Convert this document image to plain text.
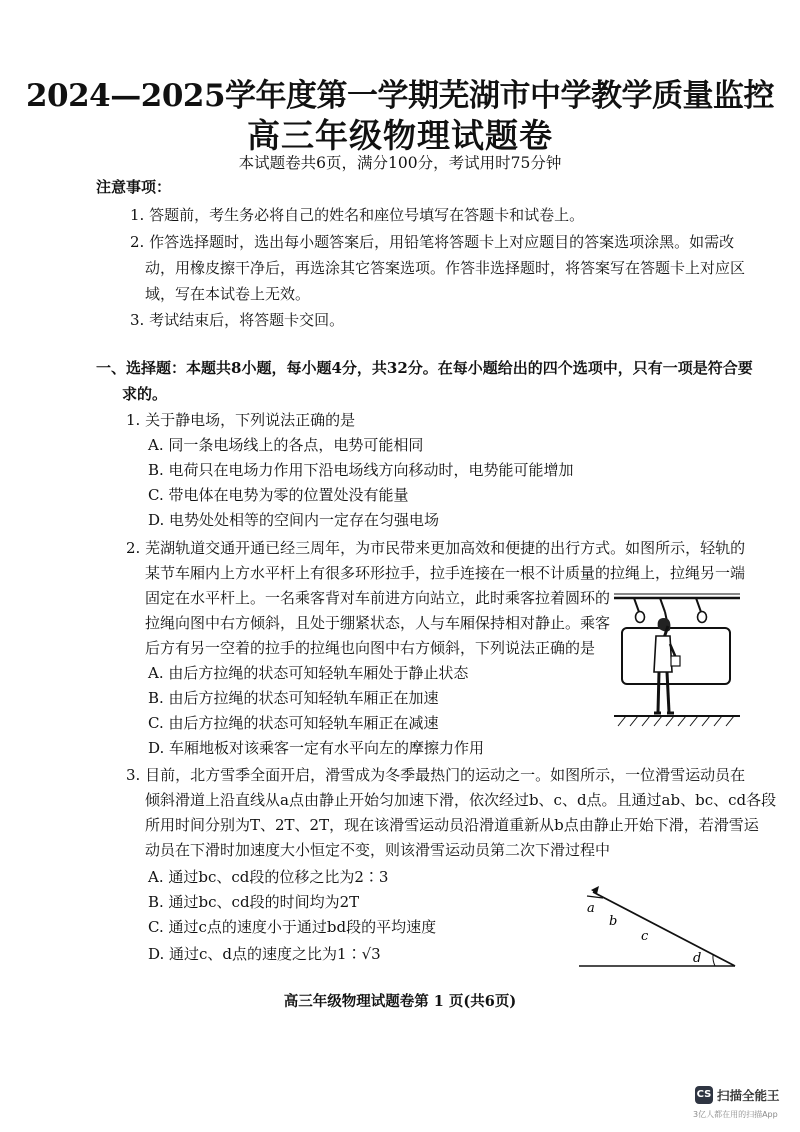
2024—2025学年度第一学期芜湖市中学教学质量监控
高三年级物理试题卷
本试题卷共6页，满分100分，考试用时75分钟
注意事项：
1. 答题前，考生务必将自己的姓名和座位号填写在答题卡和试卷上。
2. 作答选择题时，选出每小题答案后，用铅笔将答题卡上对应题目的答案选项涂黑。如需改
动，用橡皮擦干净后，再选涂其它答案选项。作答非选择题时，将答案写在答题卡上对应区
域，写在本试卷上无效。
3. 考试结束后，将答题卡交回。
一、选择题：本题共8小题，每小题4分，共32分。在每小题给出的四个选项中，只有一项是符合要
求的。
1. 关于静电场，下列说法正确的是
A. 同一条电场线上的各点，电势可能相同
B. 电荷只在电场力作用下沿电场线方向移动时，电势能可能增加
C. 带电体在电势为零的位置处没有能量
D. 电势处处相等的空间内一定存在匀强电场
2. 芜湖轨道交通开通已经三周年，为市民带来更加高效和便捷的出行方式。如图所示，轻轨的
某节车厢内上方水平杆上有很多环形拉手，拉手连接在一根不计质量的拉绳上，拉绳另一端
固定在水平杆上。一名乘客背对车前进方向站立，此时乘客拉着圆环的
拉绳向图中右方倾斜，且处于绷紧状态，人与车厢保持相对静止。乘客
后方有另一空着的拉手的拉绳也向图中右方倾斜，下列说法正确的是
A. 由后方拉绳的状态可知轻轨车厢处于静止状态
B. 由后方拉绳的状态可知轻轨车厢正在加速
C. 由后方拉绳的状态可知轻轨车厢正在减速
D. 车厢地板对该乘客一定有水平向左的摩擦力作用
3. 目前，北方雪季全面开启，滑雪成为冬季最热门的运动之一。如图所示，一位滑雪运动员在
倾斜滑道上沿直线从a点由静止开始匀加速下滑，依次经过b、c、d点。且通过ab、bc、cd各段
所用时间分别为T、2T、2T，现在该滑雪运动员沿滑道重新从b点由静止开始下滑，若滑雪运
动员在下滑时加速度大小恒定不变，则该滑雪运动员第二次下滑过程中
A. 通过bc、cd段的位移之比为2∶3
B. 通过bc、cd段的时间均为2T
C. 通过c点的速度小于通过bd段的平均速度
D. 通过c、d点的速度之比为1∶√3
a
b
c
d
高三年级物理试题卷第 1 页(共6页)
CS 扫描全能王
3亿人都在用的扫描App
